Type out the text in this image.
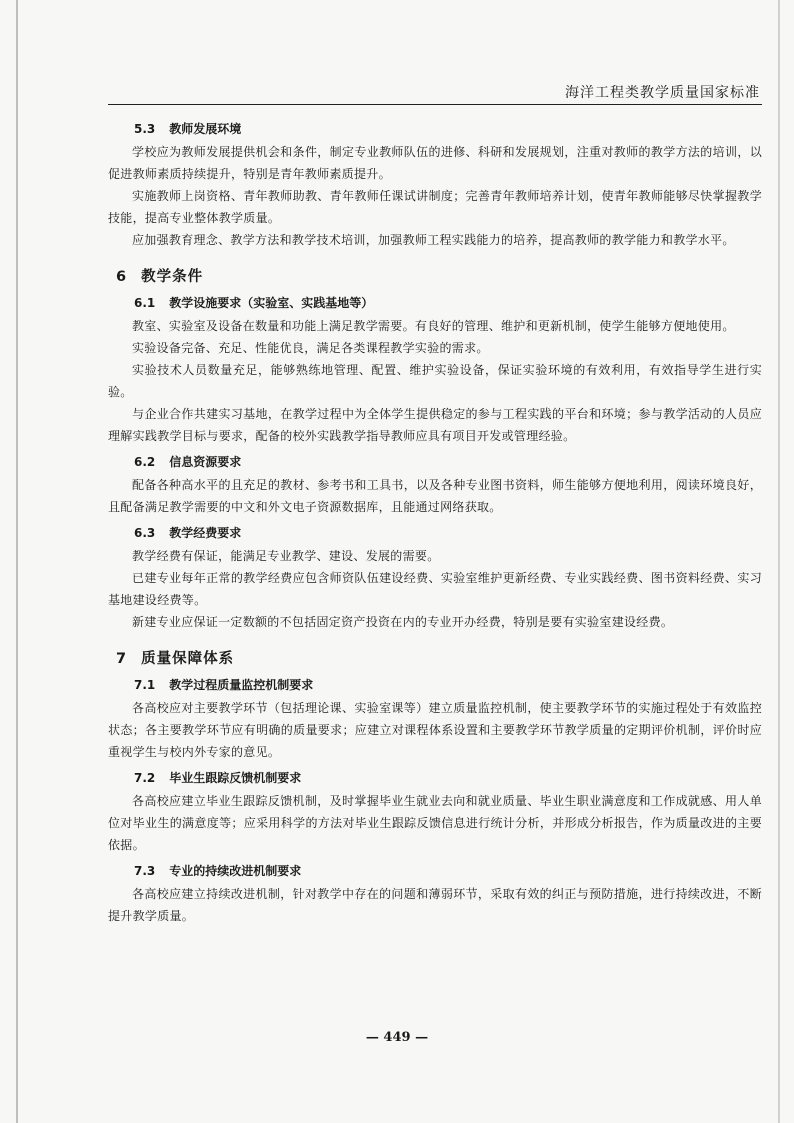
海洋工程类教学质量国家标准
5.3 教师发展环境

学校应为教师发展提供机会和条件，制定专业教师队伍的进修、科研和发展规划，注重对教师的教学方法的培训，以促进教师素质持续提升，特别是青年教师素质提升。

实施教师上岗资格、青年教师助教、青年教师任课试讲制度；完善青年教师培养计划，使青年教师能够尽快掌握教学技能，提高专业整体教学质量。

应加强教育理念、教学方法和教学技术培训，加强教师工程实践能力的培养，提高教师的教学能力和教学水平。

6 教学条件
6.1 教学设施要求（实验室、实践基地等）

教室、实验室及设备在数量和功能上满足教学需要。有良好的管理、维护和更新机制，使学生能够方便地使用。

实验设备完备、充足、性能优良，满足各类课程教学实验的需求。

实验技术人员数量充足，能够熟练地管理、配置、维护实验设备，保证实验环境的有效利用，有效指导学生进行实验。

与企业合作共建实习基地，在教学过程中为全体学生提供稳定的参与工程实践的平台和环境；参与教学活动的人员应理解实践教学目标与要求，配备的校外实践教学指导教师应具有项目开发或管理经验。

6.2 信息资源要求

配备各种高水平的且充足的教材、参考书和工具书，以及各种专业图书资料，师生能够方便地利用，阅读环境良好，且配备满足教学需要的中文和外文电子资源数据库，且能通过网络获取。

6.3 教学经费要求

教学经费有保证，能满足专业教学、建设、发展的需要。

已建专业每年正常的教学经费应包含师资队伍建设经费、实验室维护更新经费、专业实践经费、图书资料经费、实习基地建设经费等。

新建专业应保证一定数额的不包括固定资产投资在内的专业开办经费，特别是要有实验室建设经费。

7 质量保障体系
7.1 教学过程质量监控机制要求

各高校应对主要教学环节（包括理论课、实验室课等）建立质量监控机制，使主要教学环节的实施过程处于有效监控状态；各主要教学环节应有明确的质量要求；应建立对课程体系设置和主要教学环节教学质量的定期评价机制，评价时应重视学生与校内外专家的意见。

7.2 毕业生跟踪反馈机制要求

各高校应建立毕业生跟踪反馈机制，及时掌握毕业生就业去向和就业质量、毕业生职业满意度和工作成就感、用人单位对毕业生的满意度等；应采用科学的方法对毕业生跟踪反馈信息进行统计分析，并形成分析报告，作为质量改进的主要依据。

7.3 专业的持续改进机制要求

各高校应建立持续改进机制，针对教学中存在的问题和薄弱环节，采取有效的纠正与预防措施，进行持续改进，不断提升教学质量。

— 449 —
